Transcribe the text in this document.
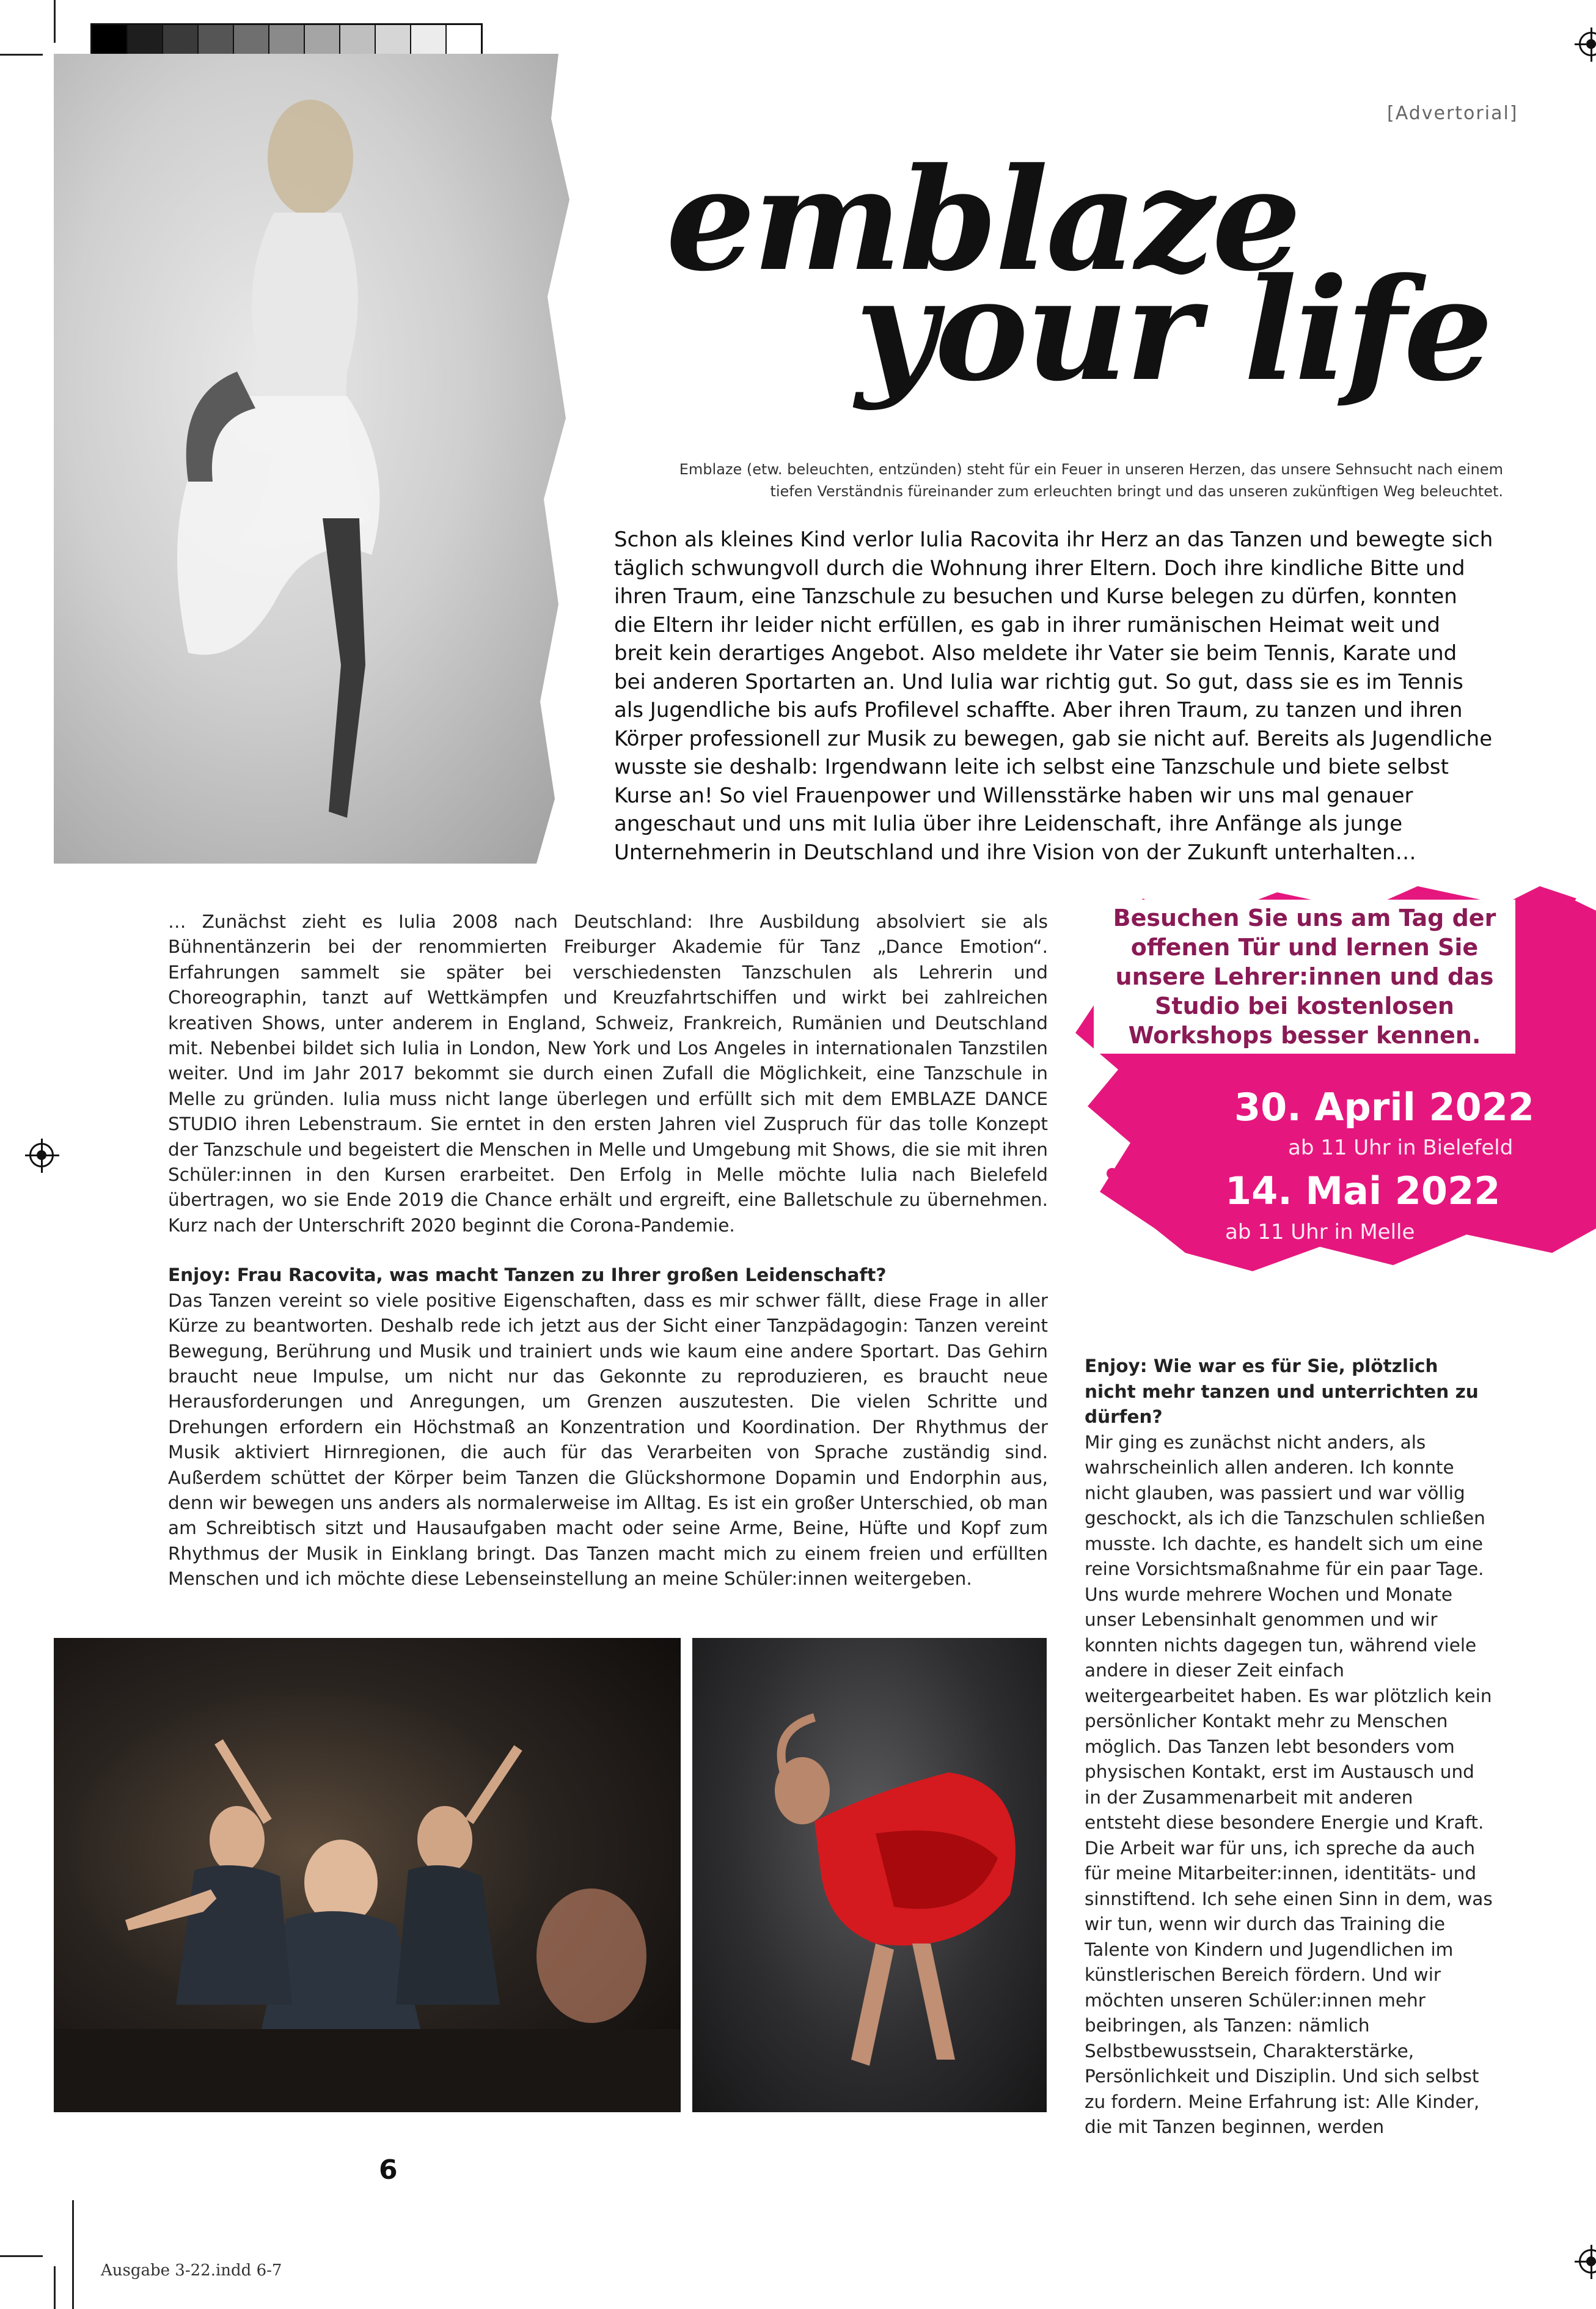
[Advertorial]
emblaze
your life
Emblaze (etw. beleuchten, entzünden) steht für ein Feuer in unseren Herzen, das unsere Sehnsucht nach einem
tiefen Verständnis füreinander zum erleuchten bringt und das unseren zukünftigen Weg beleuchtet.
Schon als kleines Kind verlor Iulia Racovita ihr Herz an das Tanzen und bewegte sich täglich schwungvoll durch die Wohnung ihrer Eltern. Doch ihre kindliche Bitte und ihren Traum, eine Tanzschule zu besuchen und Kurse belegen zu dürfen, konnten die Eltern ihr leider nicht erfüllen, es gab in ihrer rumänischen Heimat weit und breit kein derartiges Angebot. Also meldete ihr Vater sie beim Tennis, Karate und bei anderen Sportarten an. Und Iulia war richtig gut. So gut, dass sie es im Tennis als Jugendliche bis aufs Profilevel schaffte. Aber ihren Traum, zu tanzen und ihren Körper professionell zur Musik zu bewegen, gab sie nicht auf. Bereits als Jugendliche wusste sie deshalb: Irgendwann leite ich selbst eine Tanzschule und biete selbst Kurse an! So viel Frauenpower und Willensstärke haben wir uns mal genauer angeschaut und uns mit Iulia über ihre Leidenschaft, ihre Anfänge als junge Unternehmerin in Deutschland und ihre Vision von der Zukunft unterhalten…
Besuchen Sie uns am Tag der offenen Tür und lernen Sie unsere Lehrer:innen und das Studio bei kostenlosen Workshops besser kennen.
30. April 2022
ab 11 Uhr in Bielefeld
14. Mai 2022
ab 11 Uhr in Melle

… Zunächst zieht es Iulia 2008 nach Deutschland: Ihre Ausbildung absolviert sie als Bühnentänzerin bei der renommierten Freiburger Akademie für Tanz „Dance Emotion“. Erfahrungen sammelt sie später bei verschiedensten Tanzschulen als Lehrerin und Choreographin, tanzt auf Wettkämpfen und Kreuzfahrtschiffen und wirkt bei zahlreichen kreativen Shows, unter anderem in England, Schweiz, Frankreich, Rumänien und Deutschland mit. Nebenbei bildet sich Iulia in London, New York und Los Angeles in internationalen Tanzstilen weiter. Und im Jahr 2017 bekommt sie durch einen Zufall die Möglichkeit, eine Tanzschule in Melle zu gründen. Iulia muss nicht lange überlegen und erfüllt sich mit dem EMBLAZE DANCE STUDIO ihren Lebenstraum. Sie erntet in den ersten Jahren viel Zuspruch für das tolle Konzept der Tanzschule und begeistert die Menschen in Melle und Umgebung mit Shows, die sie mit ihren Schüler:innen in den Kursen erarbeitet. Den Erfolg in Melle möchte Iulia nach Bielefeld übertragen, wo sie Ende 2019 die Chance erhält und ergreift, eine Balletschule zu übernehmen. Kurz nach der Unterschrift 2020 beginnt die Corona-Pandemie.

Enjoy: Frau Racovita, was macht Tanzen zu Ihrer großen Leidenschaft?

Das Tanzen vereint so viele positive Eigenschaften, dass es mir schwer fällt, diese Frage in aller Kürze zu beantworten. Deshalb rede ich jetzt aus der Sicht einer Tanzpädagogin: Tanzen vereint Bewegung, Berührung und Musik und trainiert unds wie kaum eine andere Sportart. Das Gehirn braucht neue Impulse, um nicht nur das Gekonnte zu reproduzieren, es braucht neue Herausforderungen und Anregungen, um Grenzen auszutesten. Die vielen Schritte und Drehungen erfordern ein Höchstmaß an Konzentration und Koordination. Der Rhythmus der Musik aktiviert Hirnregionen, die auch für das Verarbeiten von Sprache zuständig sind. Außerdem schüttet der Körper beim Tanzen die Glückshormone Dopamin und Endorphin aus, denn wir bewegen uns anders als normalerweise im Alltag. Es ist ein großer Unterschied, ob man am Schreibtisch sitzt und Hausaufgaben macht oder seine Arme, Beine, Hüfte und Kopf zum Rhythmus der Musik in Einklang bringt. Das Tanzen macht mich zu einem freien und erfüllten Menschen und ich möchte diese Lebenseinstellung an meine Schüler:innen weitergeben.

Enjoy: Wie war es für Sie, plötzlich nicht mehr tanzen und unterrichten zu dürfen?

Mir ging es zunächst nicht anders, als wahrscheinlich allen anderen. Ich konnte nicht glauben, was passiert und war völlig geschockt, als ich die Tanzschulen schließen musste. Ich dachte, es handelt sich um eine reine Vorsichtsmaßnahme für ein paar Tage. Uns wurde mehrere Wochen und Monate unser Lebensinhalt genommen und wir konnten nichts dagegen tun, während viele andere in dieser Zeit einfach weitergearbeitet haben. Es war plötzlich kein persönlicher Kontakt mehr zu Menschen möglich. Das Tanzen lebt besonders vom physischen Kontakt, erst im Austausch und in der Zusammenarbeit mit anderen entsteht diese besondere Energie und Kraft. Die Arbeit war für uns, ich spreche da auch für meine Mitarbeiter:innen, identitäts- und sinnstiftend. Ich sehe einen Sinn in dem, was wir tun, wenn wir durch das Training die Talente von Kindern und Jugendlichen im künstlerischen Bereich fördern. Und wir möchten unseren Schüler:innen mehr beibringen, als Tanzen: nämlich Selbstbewusstsein, Charakterstärke, Persönlichkeit und Disziplin. Und sich selbst zu fordern. Meine Erfahrung ist: Alle Kinder, die mit Tanzen beginnen, werden

6
Ausgabe 3-22.indd 6-7
